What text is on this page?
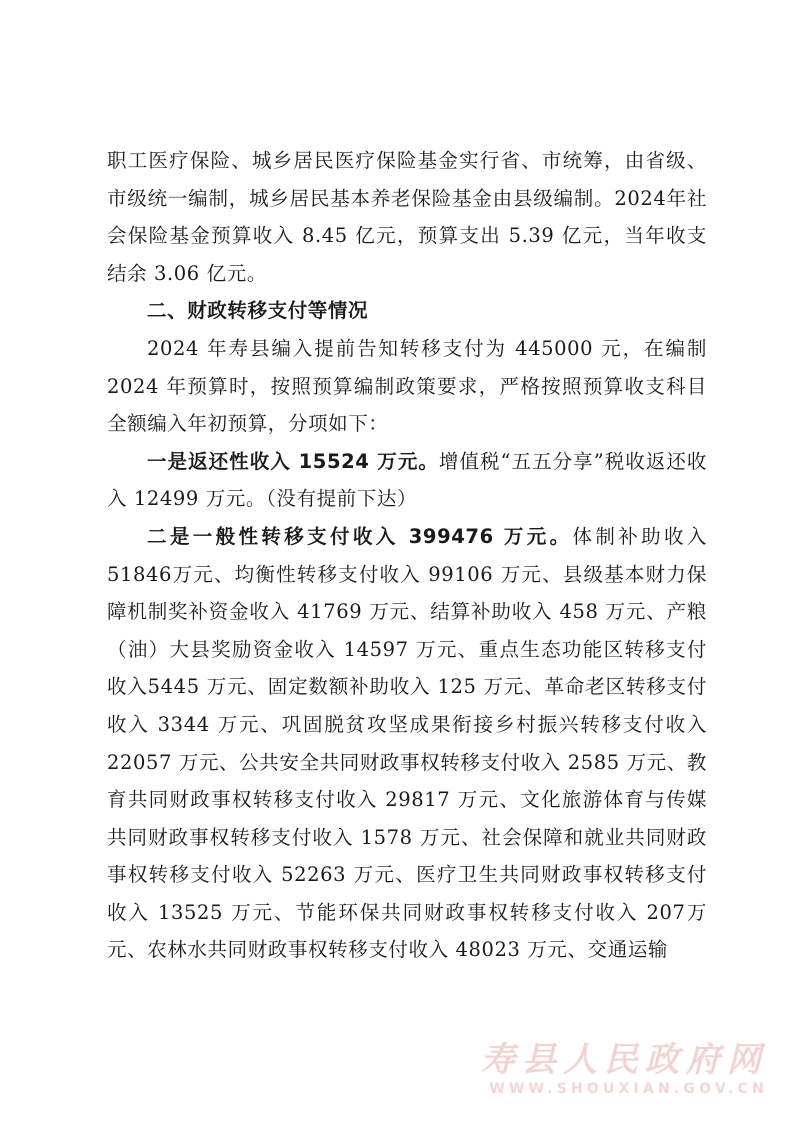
职工医疗保险、城乡居民医疗保险基金实行省、市统筹，由省级、市级统一编制，城乡居民基本养老保险基金由县级编制。2024年社会保险基金预算收入 8.45 亿元，预算支出 5.39 亿元，当年收支结余 3.06 亿元。

二、财政转移支付等情况

2024 年寿县编入提前告知转移支付为 445000 元，在编制2024 年预算时，按照预算编制政策要求，严格按照预算收支科目全额编入年初预算，分项如下：

一是返还性收入 15524 万元。增值税“五五分享”税收返还收入 12499 万元。（没有提前下达）

二是一般性转移支付收入 399476 万元。体制补助收入 51846万元、均衡性转移支付收入 99106 万元、县级基本财力保障机制奖补资金收入 41769 万元、结算补助收入 458 万元、产粮（油）大县奖励资金收入 14597 万元、重点生态功能区转移支付收入5445 万元、固定数额补助收入 125 万元、革命老区转移支付收入 3344 万元、巩固脱贫攻坚成果衔接乡村振兴转移支付收入22057 万元、公共安全共同财政事权转移支付收入 2585 万元、教育共同财政事权转移支付收入 29817 万元、文化旅游体育与传媒共同财政事权转移支付收入 1578 万元、社会保障和就业共同财政事权转移支付收入 52263 万元、医疗卫生共同财政事权转移支付收入 13525 万元、节能环保共同财政事权转移支付收入 207万元、农林水共同财政事权转移支付收入 48023 万元、交通运输

寿县人民政府网
WWW.SHOUXIAN.GOV.CN
